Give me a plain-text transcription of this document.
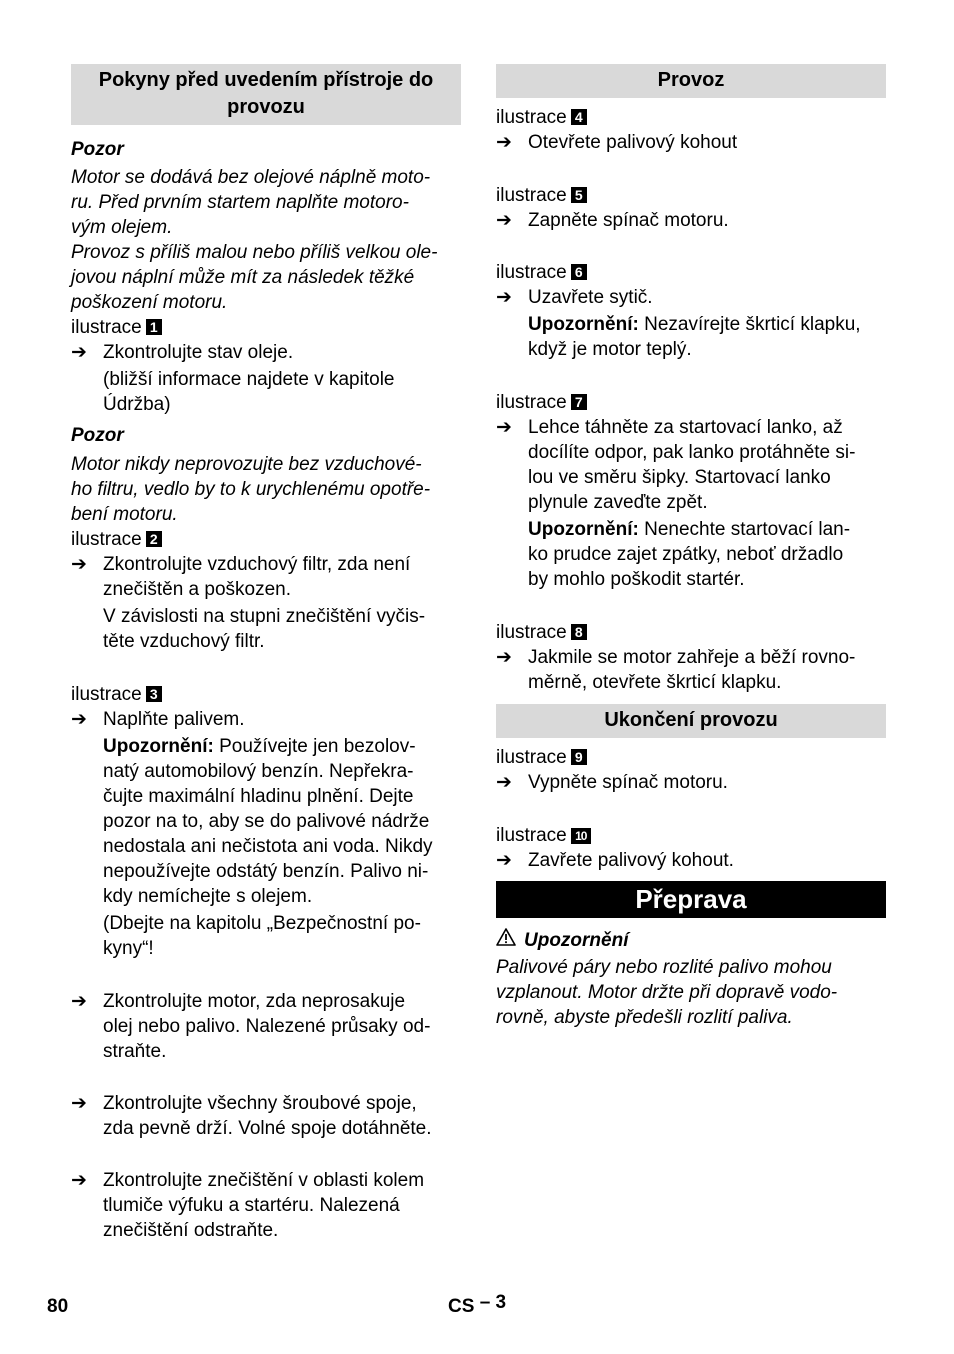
Pokyny před uvedením přístroje do
provozu
Pozor
Motor se dodává bez olejové náplně moto-
ru. Před prvním startem naplňte motoro-
vým olejem.
Provoz s příliš malou nebo příliš velkou ole-
jovou náplní může mít za následek těžké
poškození motoru.
ilustrace 1
➔ Zkontrolujte stav oleje.
(bližší informace najdete v kapitole
Údržba)
Pozor
Motor nikdy neprovozujte bez vzduchové-
ho filtru, vedlo by to k urychlenému opotře-
bení motoru.
ilustrace 2
➔ Zkontrolujte vzduchový filtr, zda není
znečištěn a poškozen.
V závislosti na stupni znečištění vyčis-
těte vzduchový filtr.
ilustrace 3
➔ Naplňte palivem.
Upozornění: Používejte jen bezolov-
natý automobilový benzín. Nepřekra-
čujte maximální hladinu plnění. Dejte
pozor na to, aby se do palivové nádrže
nedostala ani nečistota ani voda. Nikdy
nepoužívejte odstátý benzín. Palivo ni-
kdy nemíchejte s olejem.
(Dbejte na kapitolu „Bezpečnostní po-
kyny“!
➔ Zkontrolujte motor, zda neprosakuje
olej nebo palivo. Nalezené průsaky od-
straňte.
➔ Zkontrolujte všechny šroubové spoje,
zda pevně drží. Volné spoje dotáhněte.
➔ Zkontrolujte znečištění v oblasti kolem
tlumiče výfuku a startéru. Nalezená
znečištění odstraňte.
Provoz
ilustrace 4
➔ Otevřete palivový kohout
ilustrace 5
➔ Zapněte spínač motoru.
ilustrace 6
➔ Uzavřete sytič.
Upozornění: Nezavírejte škrticí klapku,
když je motor teplý.
ilustrace 7
➔ Lehce táhněte za startovací lanko, až
docílíte odpor, pak lanko protáhněte si-
lou ve směru šipky. Startovací lanko
plynule zaveďte zpět.
Upozornění: Nenechte startovací lan-
ko prudce zajet zpátky, neboť držadlo
by mohlo poškodit startér.
ilustrace 8
➔ Jakmile se motor zahřeje a běží rovno-
měrně, otevřete škrticí klapku.
Ukončení provozu
ilustrace 9
➔ Vypněte spínač motoru.
ilustrace 10
➔ Zavřete palivový kohout.
Přeprava
Upozornění
Palivové páry nebo rozlité palivo mohou
vzplanout. Motor držte při dopravě vodo-
rovně, abyste předešli rozlití paliva.
80	CS – 3
